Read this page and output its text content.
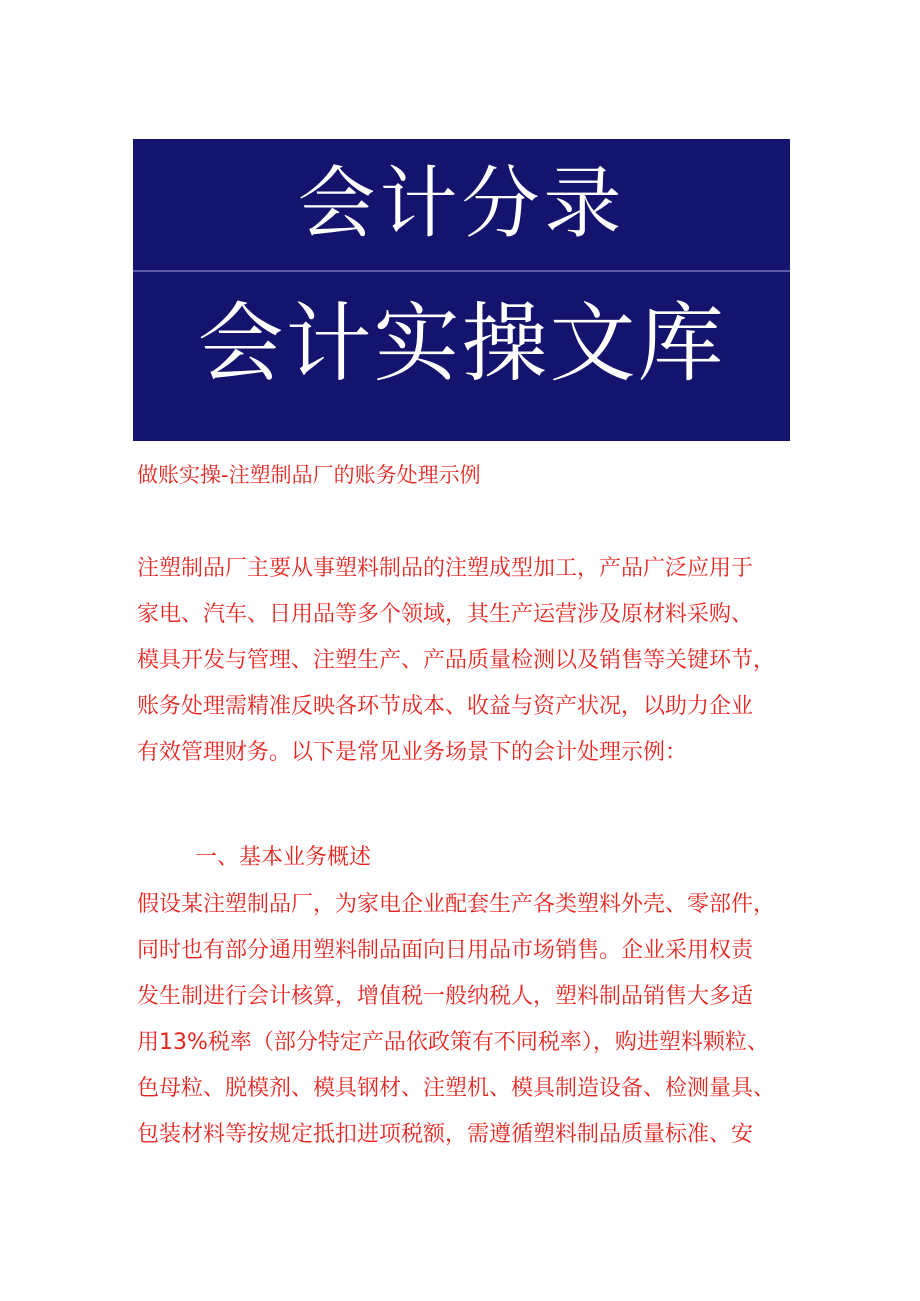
会计分录
会计实操文库
做账实操-注塑制品厂的账务处理示例
注塑制品厂主要从事塑料制品的注塑成型加工，产品广泛应用于
家电、汽车、日用品等多个领域，其生产运营涉及原材料采购、
模具开发与管理、注塑生产、产品质量检测以及销售等关键环节，
账务处理需精准反映各环节成本、收益与资产状况，以助力企业
有效管理财务。以下是常见业务场景下的会计处理示例：
一、基本业务概述
假设某注塑制品厂，为家电企业配套生产各类塑料外壳、零部件，
同时也有部分通用塑料制品面向日用品市场销售。企业采用权责
发生制进行会计核算，增值税一般纳税人，塑料制品销售大多适
用13%税率（部分特定产品依政策有不同税率），购进塑料颗粒、
色母粒、脱模剂、模具钢材、注塑机、模具制造设备、检测量具、
包装材料等按规定抵扣进项税额，需遵循塑料制品质量标准、安
